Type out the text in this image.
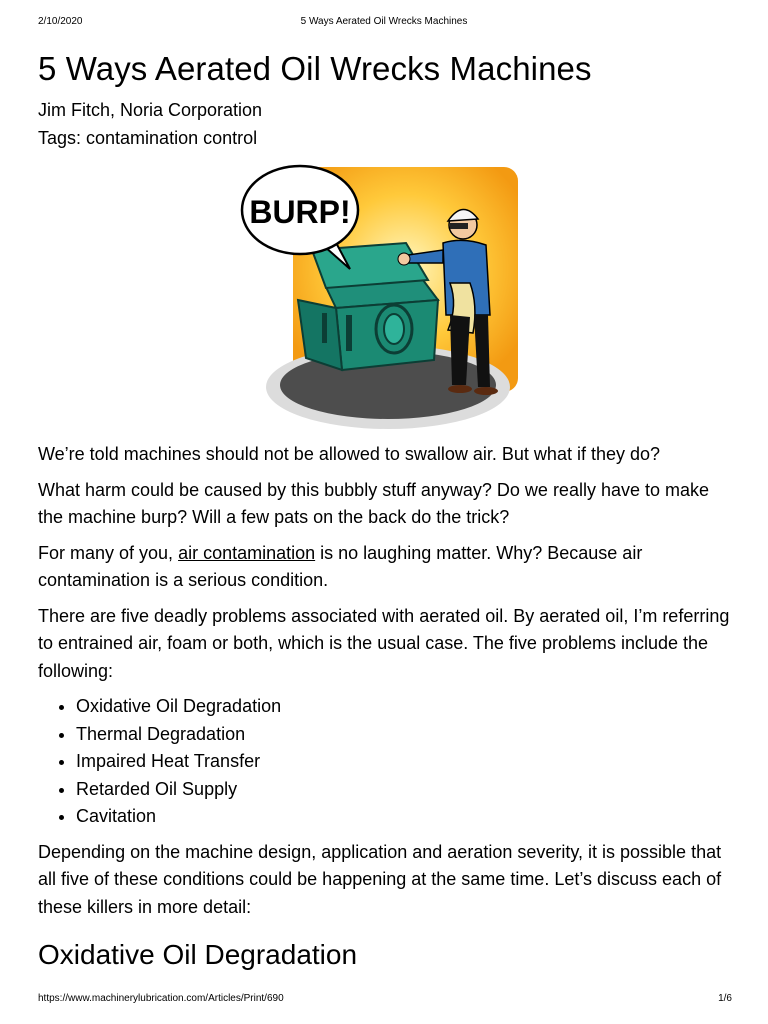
2/10/2020	5 Ways Aerated Oil Wrecks Machines
5 Ways Aerated Oil Wrecks Machines
Jim Fitch, Noria Corporation
Tags: contamination control
BURP!

We’re told machines should not be allowed to swallow air. But what if they do?

What harm could be caused by this bubbly stuff anyway? Do we really have to make the machine burp? Will a few pats on the back do the trick?

For many of you, air contamination is no laughing matter. Why? Because air contamination is a serious condition.

There are five deadly problems associated with aerated oil. By aerated oil, I’m referring to entrained air, foam or both, which is the usual case. The five problems include the following:

• Oxidative Oil Degradation
• Thermal Degradation
• Impaired Heat Transfer
• Retarded Oil Supply
• Cavitation

Depending on the machine design, application and aeration severity, it is possible that all five of these conditions could be happening at the same time. Let’s discuss each of these killers in more detail:

Oxidative Oil Degradation
https://www.machinerylubrication.com/Articles/Print/690	1/6
